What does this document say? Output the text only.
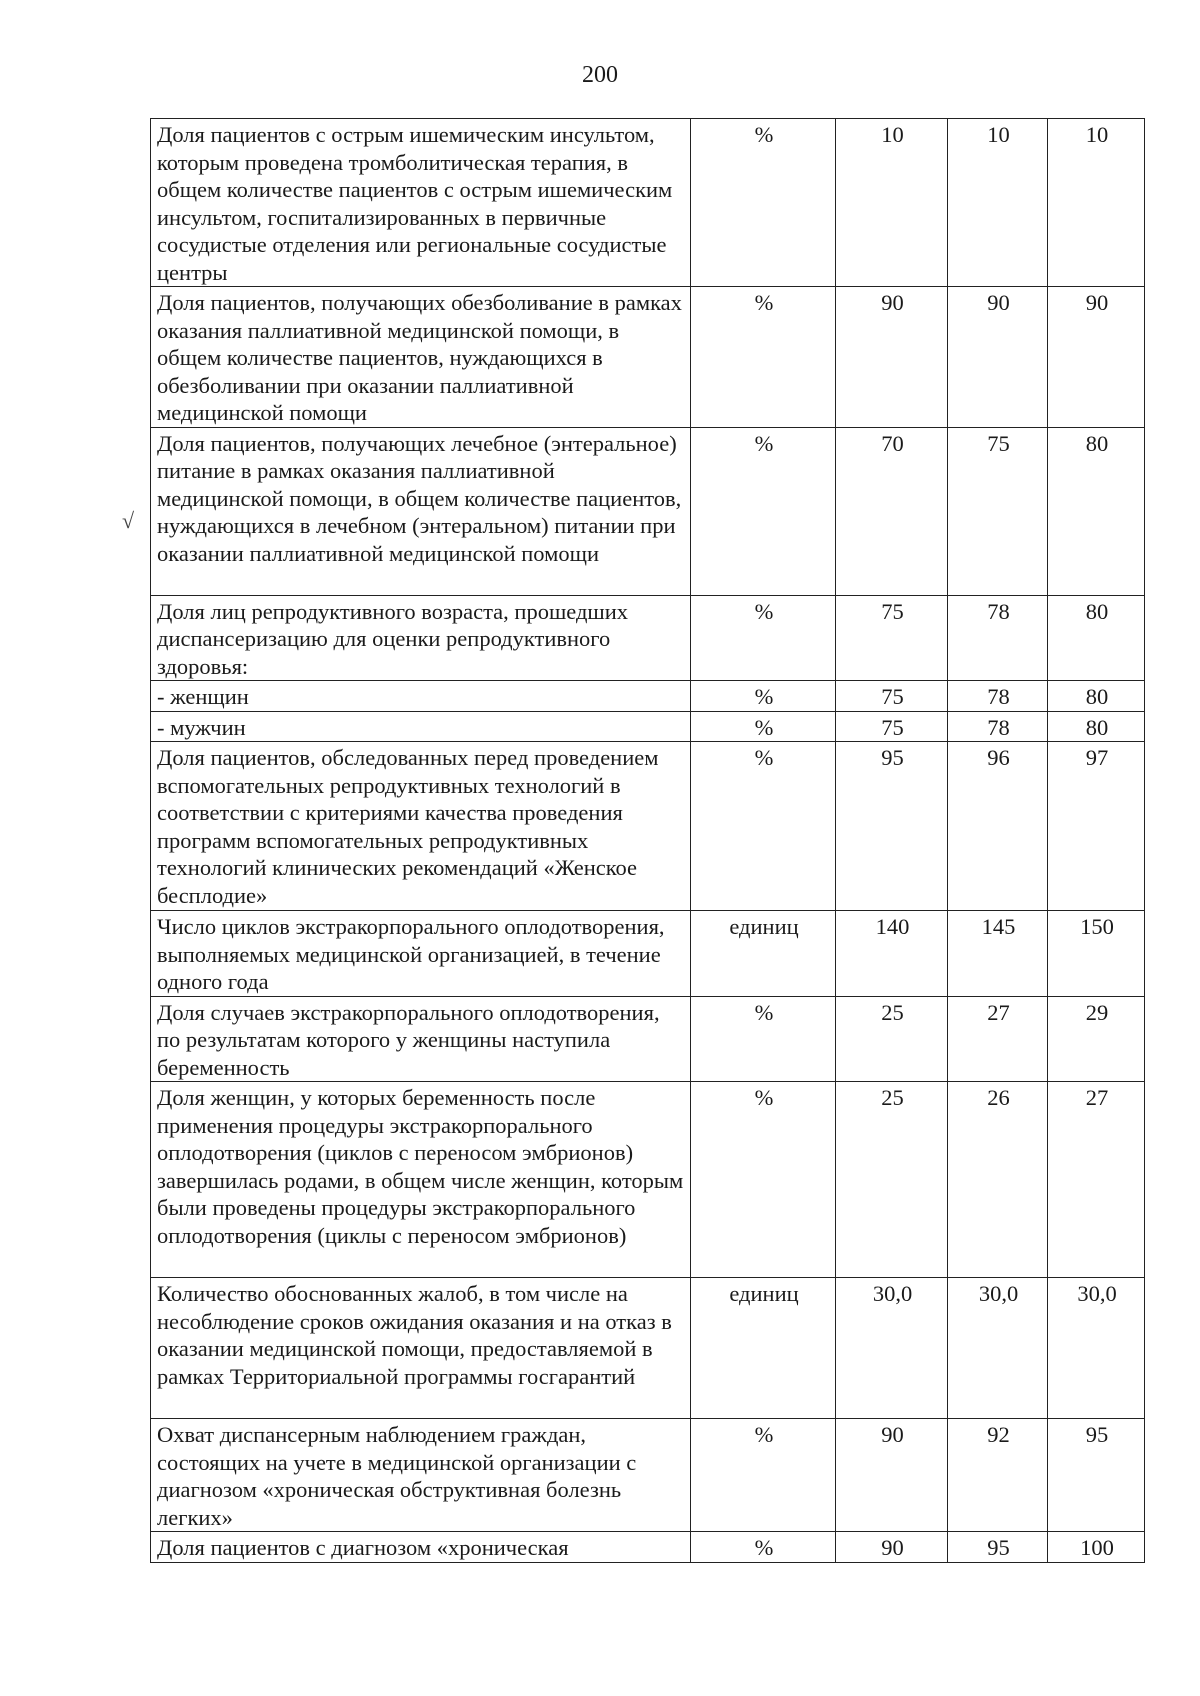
200
√
Доля пациентов с острым ишемическим инсультом, которым проведена тромболитическая терапия, в общем количестве пациентов с острым ишемическим инсультом, госпитализированных в первичные сосудистые отделения или региональные сосудистые центры	%	10	10	10
Доля пациентов, получающих обезболивание в рамках оказания паллиативной медицинской помощи, в общем количестве пациентов, нуждающихся в обезболивании при оказании паллиативной медицинской помощи	%	90	90	90
Доля пациентов, получающих лечебное (энтеральное) питание в рамках оказания паллиативной медицинской помощи, в общем количестве пациентов, нуждающихся в лечебном (энтеральном) питании при оказании паллиативной медицинской помощи	%	70	75	80
Доля лиц репродуктивного возраста, прошедших диспансеризацию для оценки репродуктивного здоровья:	%	75	78	80
- женщин	%	75	78	80
- мужчин	%	75	78	80
Доля пациентов, обследованных перед проведением вспомогательных репродуктивных технологий в соответствии с критериями качества проведения программ вспомогательных репродуктивных технологий клинических рекомендаций «Женское бесплодие»	%	95	96	97
Число циклов экстракорпорального оплодотворения, выполняемых медицинской организацией, в течение одного года	единиц	140	145	150
Доля случаев экстракорпорального оплодотворения, по результатам которого у женщины наступила беременность	%	25	27	29
Доля женщин, у которых беременность после применения процедуры экстракорпорального оплодотворения (циклов с переносом эмбрионов) завершилась родами, в общем числе женщин, которым были проведены процедуры экстракорпорального оплодотворения (циклы с переносом эмбрионов)	%	25	26	27
Количество обоснованных жалоб, в том числе на несоблюдение сроков ожидания оказания и на отказ в оказании медицинской помощи, предоставляемой в рамках Территориальной программы госгарантий	единиц	30,0	30,0	30,0
Охват диспансерным наблюдением граждан, состоящих на учете в медицинской организации с диагнозом «хроническая обструктивная болезнь легких»	%	90	92	95
Доля пациентов с диагнозом «хроническая	%	90	95	100
